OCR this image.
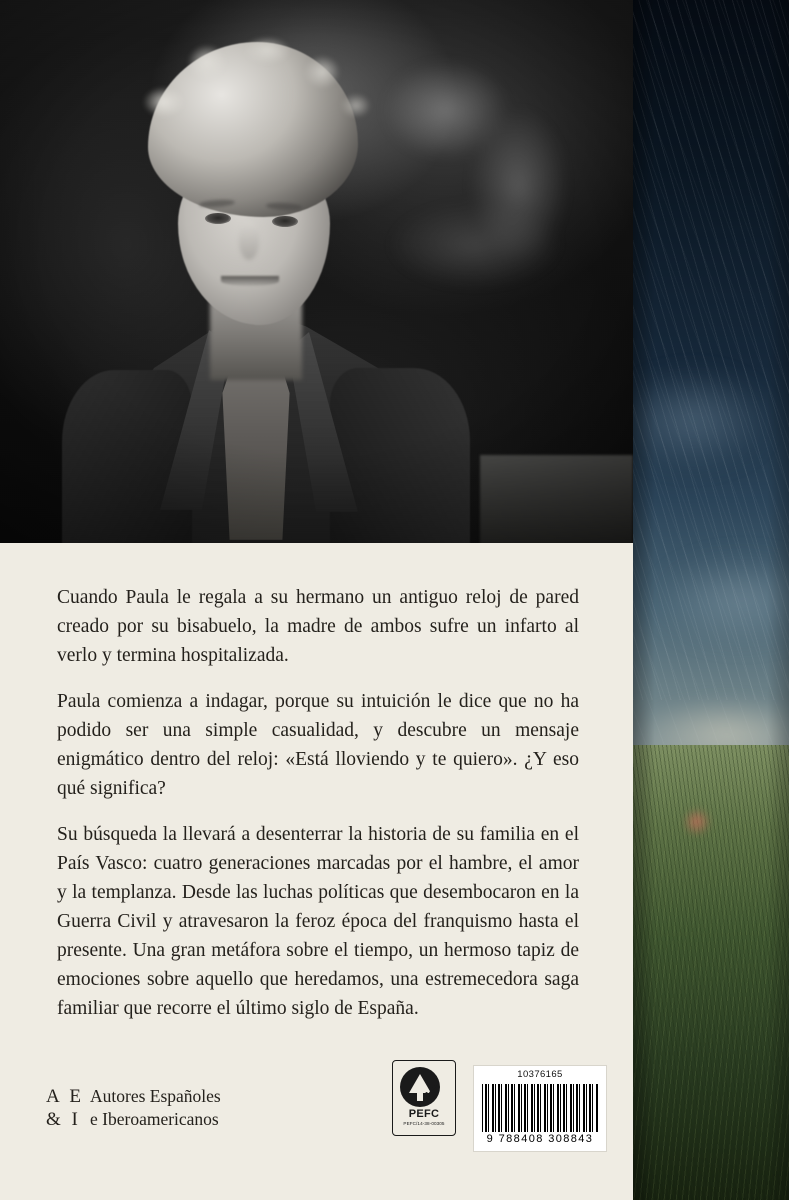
Cuando Paula le regala a su hermano un antiguo reloj de pared creado por su bisabuelo, la madre de ambos sufre un infarto al verlo y termina hospitalizada.

Paula comienza a indagar, porque su intuición le dice que no ha podido ser una simple casualidad, y descubre un mensaje enigmático dentro del reloj: «Está lloviendo y te quiero». ¿Y eso qué significa?

Su búsqueda la llevará a desenterrar la historia de su familia en el País Vasco: cuatro generaciones marcadas por el hambre, el amor y la templanza. Desde las luchas políticas que desembocaron en la Guerra Civil y atravesaron la feroz época del franquismo hasta el presente. Una gran metáfora sobre el tiempo, un hermoso tapiz de emociones sobre aquello que heredamos, una estremecedora saga familiar que recorre el último siglo de España.

A E
& I
Autores Españoles
e Iberoamericanos
✓
PEFC
PEFC/14-38-00305
10376165
9 788408 308843
